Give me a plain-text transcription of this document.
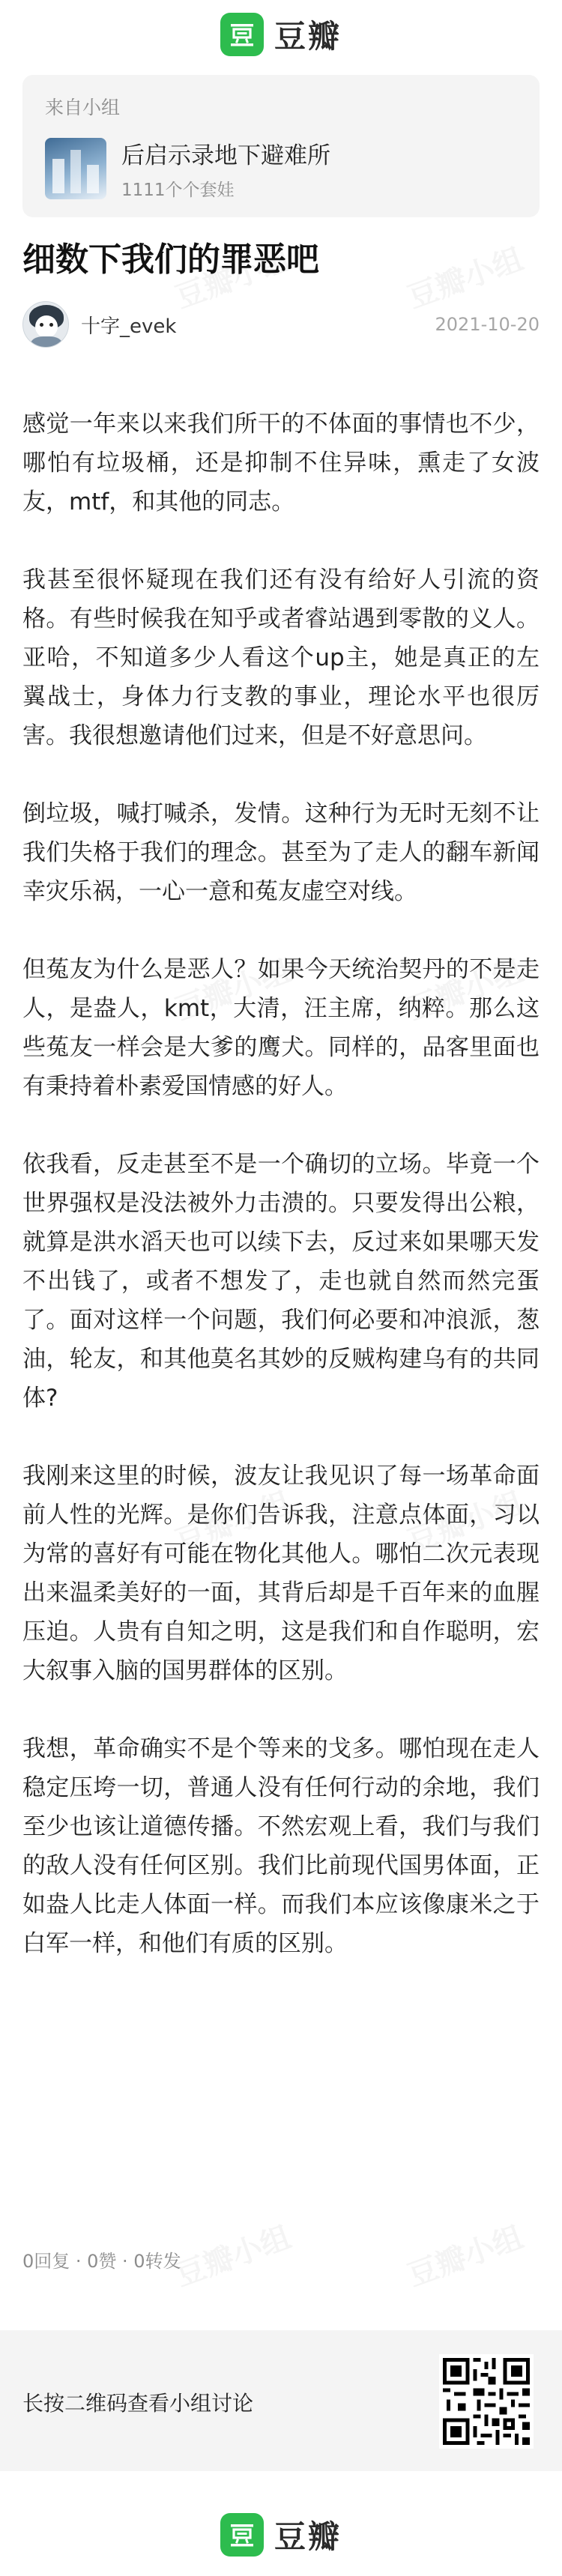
豆瓣
来自小组
后启示录地下避难所
1111个个套娃
细数下我们的罪恶吧
十字_evek	2021-10-20

感觉一年来以来我们所干的不体面的事情也不少，哪怕有垃圾桶，还是抑制不住异味，熏走了女波友，mtf，和其他的同志。

我甚至很怀疑现在我们还有没有给好人引流的资格。有些时候我在知乎或者睿站遇到零散的义人。亚哈，不知道多少人看这个up主，她是真正的左翼战士，身体力行支教的事业，理论水平也很厉害。我很想邀请他们过来，但是不好意思问。

倒垃圾，喊打喊杀，发情。这种行为无时无刻不让我们失格于我们的理念。甚至为了走人的翻车新闻幸灾乐祸，一心一意和菟友虚空对线。

但菟友为什么是恶人？如果今天统治契丹的不是走人，是盎人，kmt，大清，汪主席，纳粹。那么这些菟友一样会是大爹的鹰犬。同样的，品客里面也有秉持着朴素爱国情感的好人。

依我看，反走甚至不是一个确切的立场。毕竟一个世界强权是没法被外力击溃的。只要发得出公粮，就算是洪水滔天也可以续下去，反过来如果哪天发不出钱了，或者不想发了，走也就自然而然完蛋了。面对这样一个问题，我们何必要和冲浪派，葱油，轮友，和其他莫名其妙的反贼构建乌有的共同体?

我刚来这里的时候，波友让我见识了每一场革命面前人性的光辉。是你们告诉我，注意点体面，习以为常的喜好有可能在物化其他人。哪怕二次元表现出来温柔美好的一面，其背后却是千百年来的血腥压迫。人贵有自知之明，这是我们和自作聪明，宏大叙事入脑的国男群体的区别。

我想，革命确实不是个等来的戈多。哪怕现在走人稳定压垮一切，普通人没有任何行动的余地，我们至少也该让道德传播。不然宏观上看，我们与我们的敌人没有任何区别。我们比前现代国男体面，正如盎人比走人体面一样。而我们本应该像康米之于白军一样，和他们有质的区别。

0回复 · 0赞 · 0转发
长按二维码查看小组讨论
豆瓣
